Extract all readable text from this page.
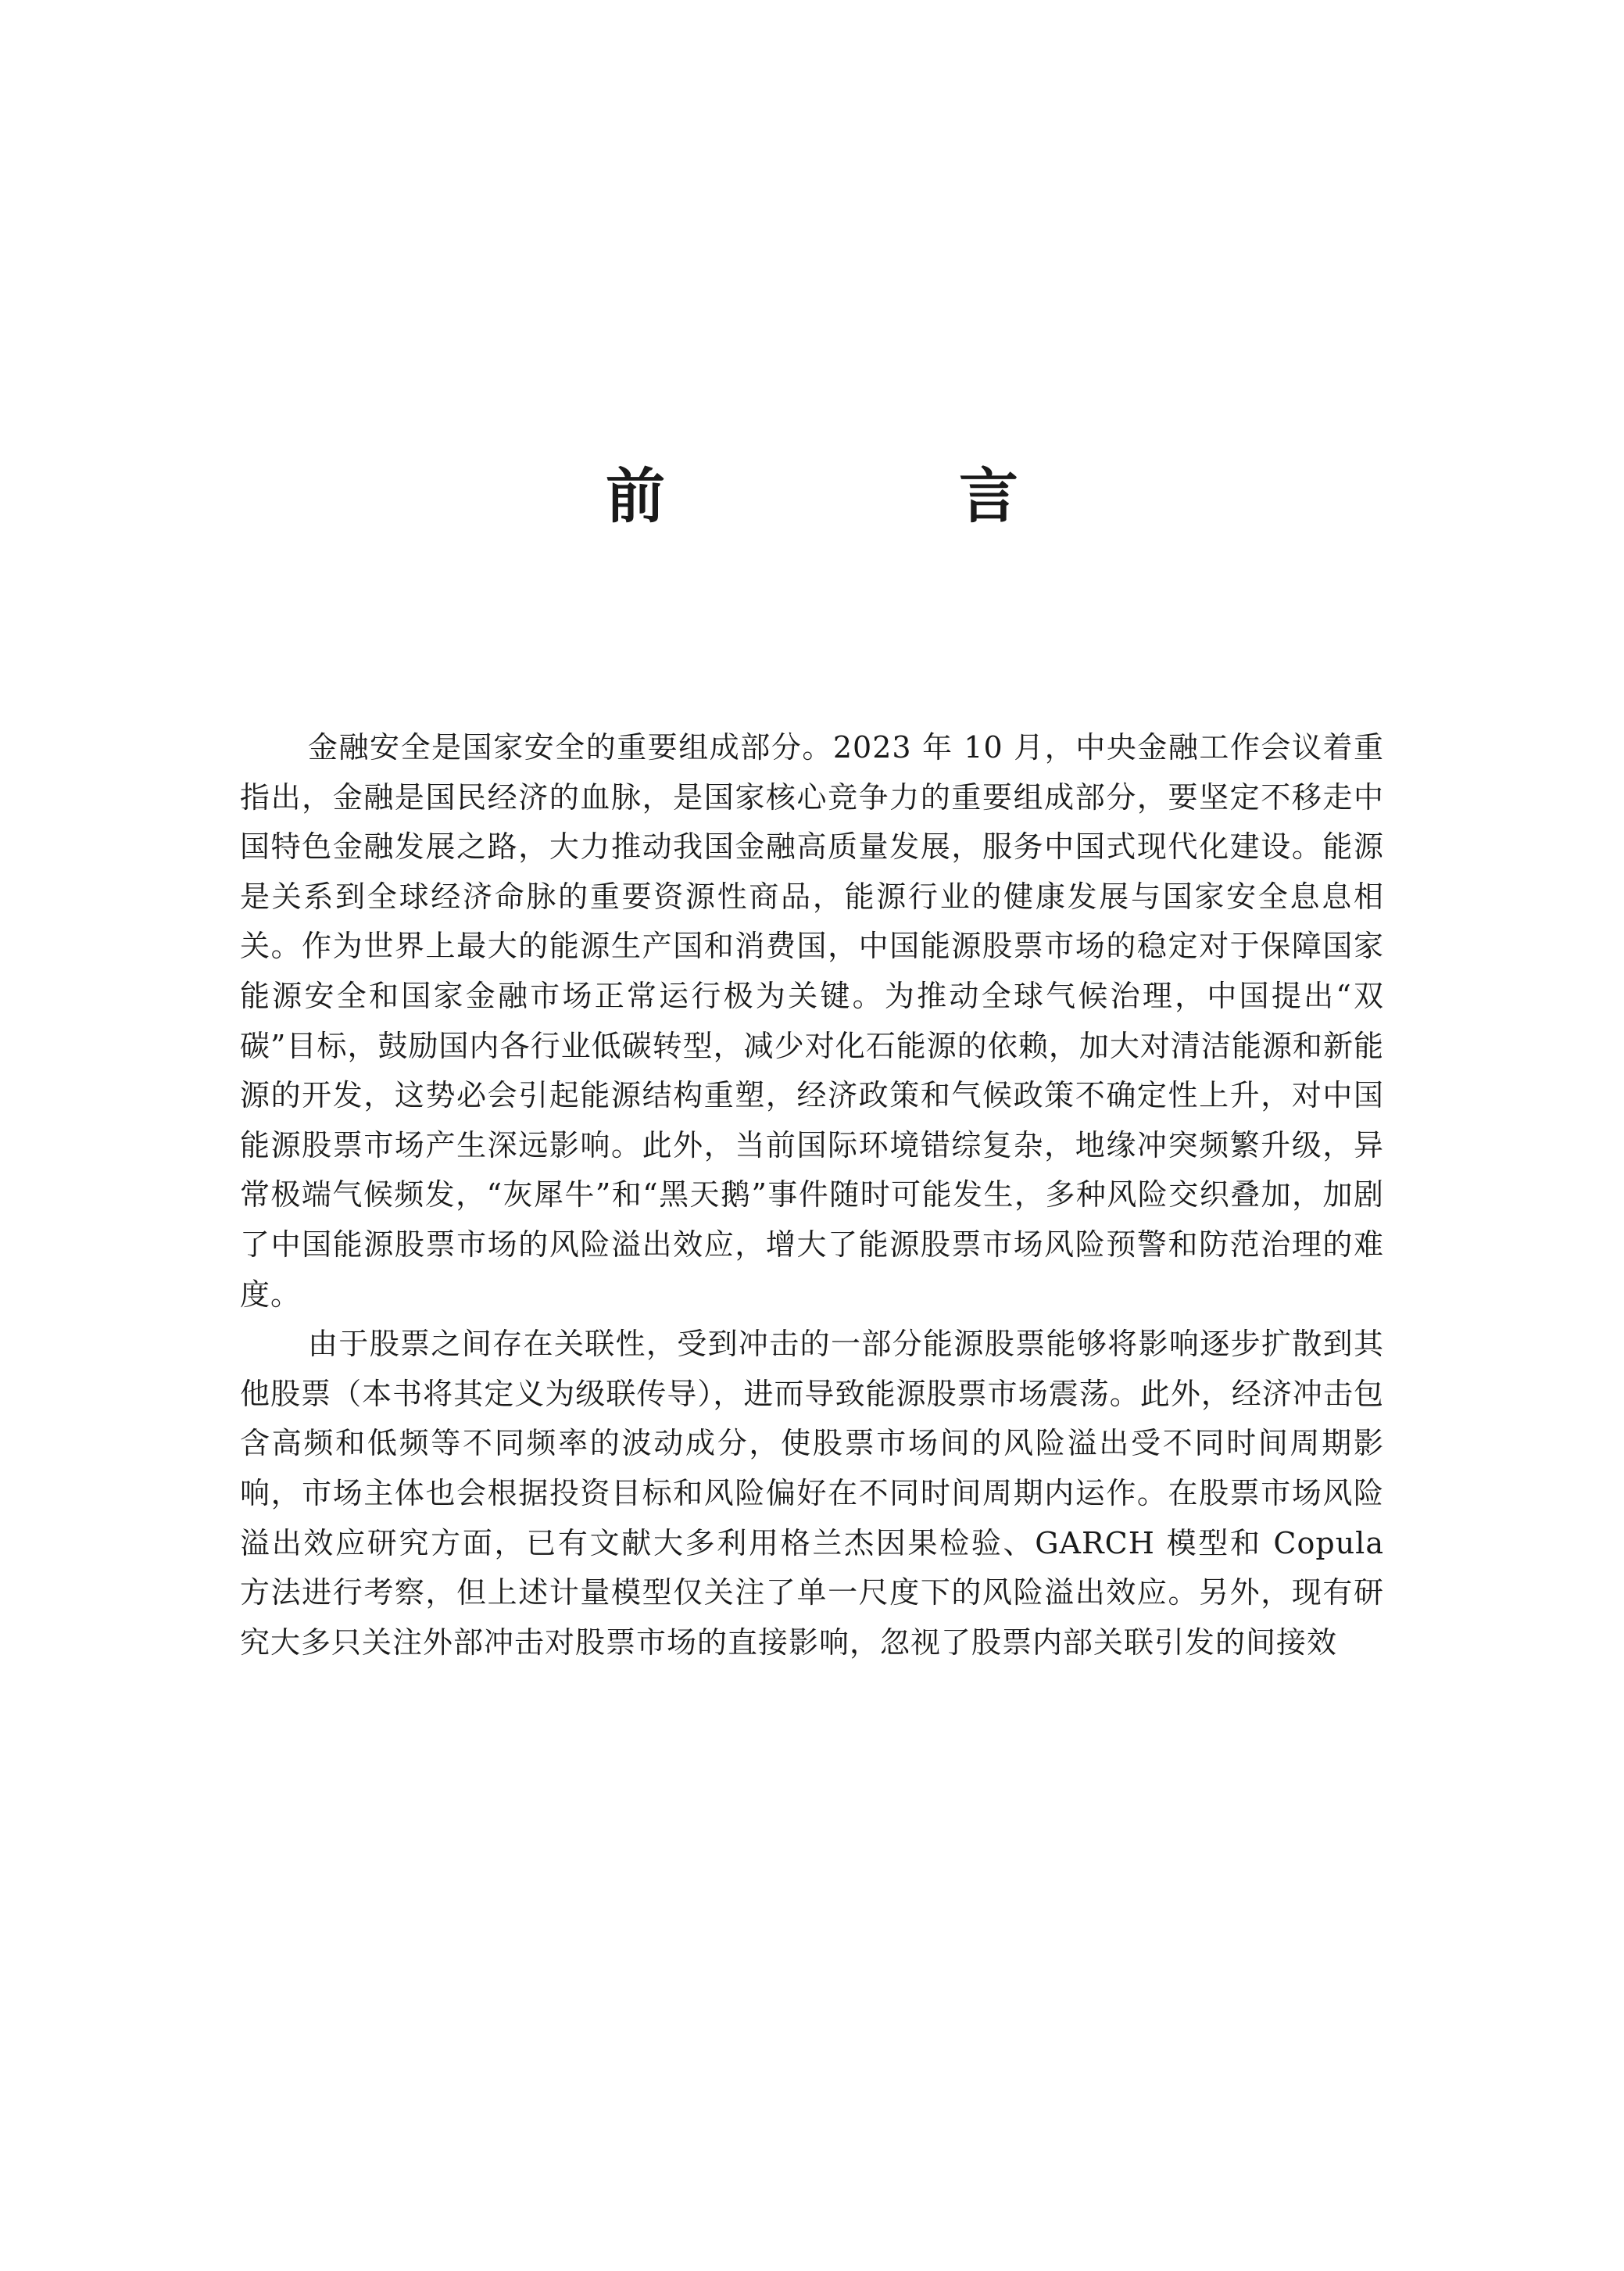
前　言

金融安全是国家安全的重要组成部分。2023 年 10 月，中央金融工作会议着重指出，金融是国民经济的血脉，是国家核心竞争力的重要组成部分，要坚定不移走中国特色金融发展之路，大力推动我国金融高质量发展，服务中国式现代化建设。能源是关系到全球经济命脉的重要资源性商品，能源行业的健康发展与国家安全息息相关。作为世界上最大的能源生产国和消费国，中国能源股票市场的稳定对于保障国家能源安全和国家金融市场正常运行极为关键。为推动全球气候治理，中国提出“双碳”目标，鼓励国内各行业低碳转型，减少对化石能源的依赖，加大对清洁能源和新能源的开发，这势必会引起能源结构重塑，经济政策和气候政策不确定性上升，对中国能源股票市场产生深远影响。此外，当前国际环境错综复杂，地缘冲突频繁升级，异常极端气候频发，“灰犀牛”和“黑天鹅”事件随时可能发生，多种风险交织叠加，加剧了中国能源股票市场的风险溢出效应，增大了能源股票市场风险预警和防范治理的难度。

由于股票之间存在关联性，受到冲击的一部分能源股票能够将影响逐步扩散到其他股票（本书将其定义为级联传导），进而导致能源股票市场震荡。此外，经济冲击包含高频和低频等不同频率的波动成分，使股票市场间的风险溢出受不同时间周期影响，市场主体也会根据投资目标和风险偏好在不同时间周期内运作。在股票市场风险溢出效应研究方面，已有文献大多利用格兰杰因果检验、GARCH 模型和 Copula 方法进行考察，但上述计量模型仅关注了单一尺度下的风险溢出效应。另外，现有研究大多只关注外部冲击对股票市场的直接影响，忽视了股票内部关联引发的间接效
